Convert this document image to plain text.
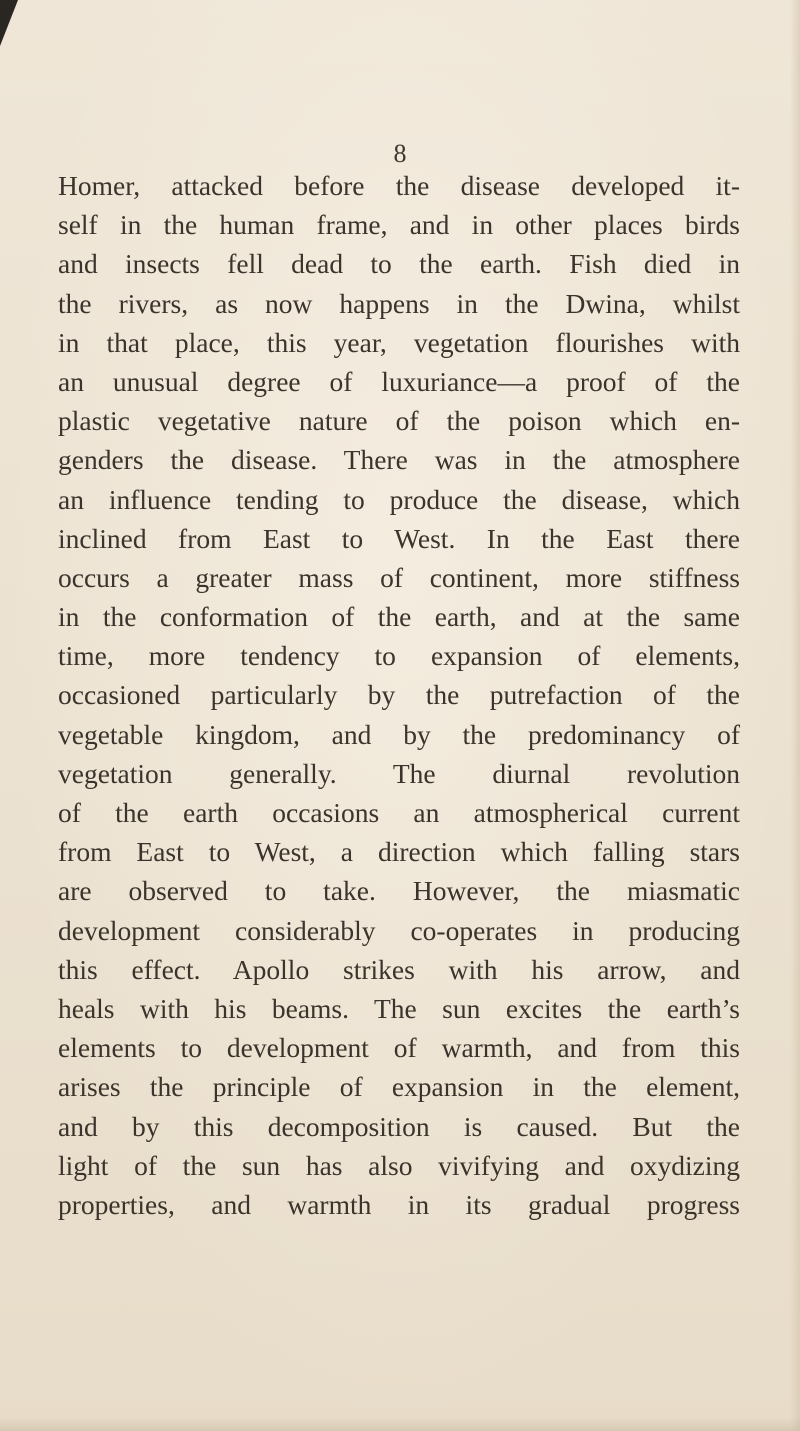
8

Homer, attacked before the disease developed it-
self in the human frame, and in other places birds
and insects fell dead to the earth. Fish died in
the rivers, as now happens in the Dwina, whilst
in that place, this year, vegetation flourishes with
an unusual degree of luxuriance—a proof of the
plastic vegetative nature of the poison which en-
genders the disease. There was in the atmosphere
an influence tending to produce the disease, which
inclined from East to West. In the East there
occurs a greater mass of continent, more stiffness
in the conformation of the earth, and at the same
time, more tendency to expansion of elements,
occasioned particularly by the putrefaction of the
vegetable kingdom, and by the predominancy of
vegetation generally. The diurnal revolution
of the earth occasions an atmospherical current
from East to West, a direction which falling stars
are observed to take. However, the miasmatic
development considerably co-operates in producing
this effect. Apollo strikes with his arrow, and
heals with his beams. The sun excites the earth’s
elements to development of warmth, and from this
arises the principle of expansion in the element,
and by this decomposition is caused. But the
light of the sun has also vivifying and oxydizing
properties, and warmth in its gradual progress
